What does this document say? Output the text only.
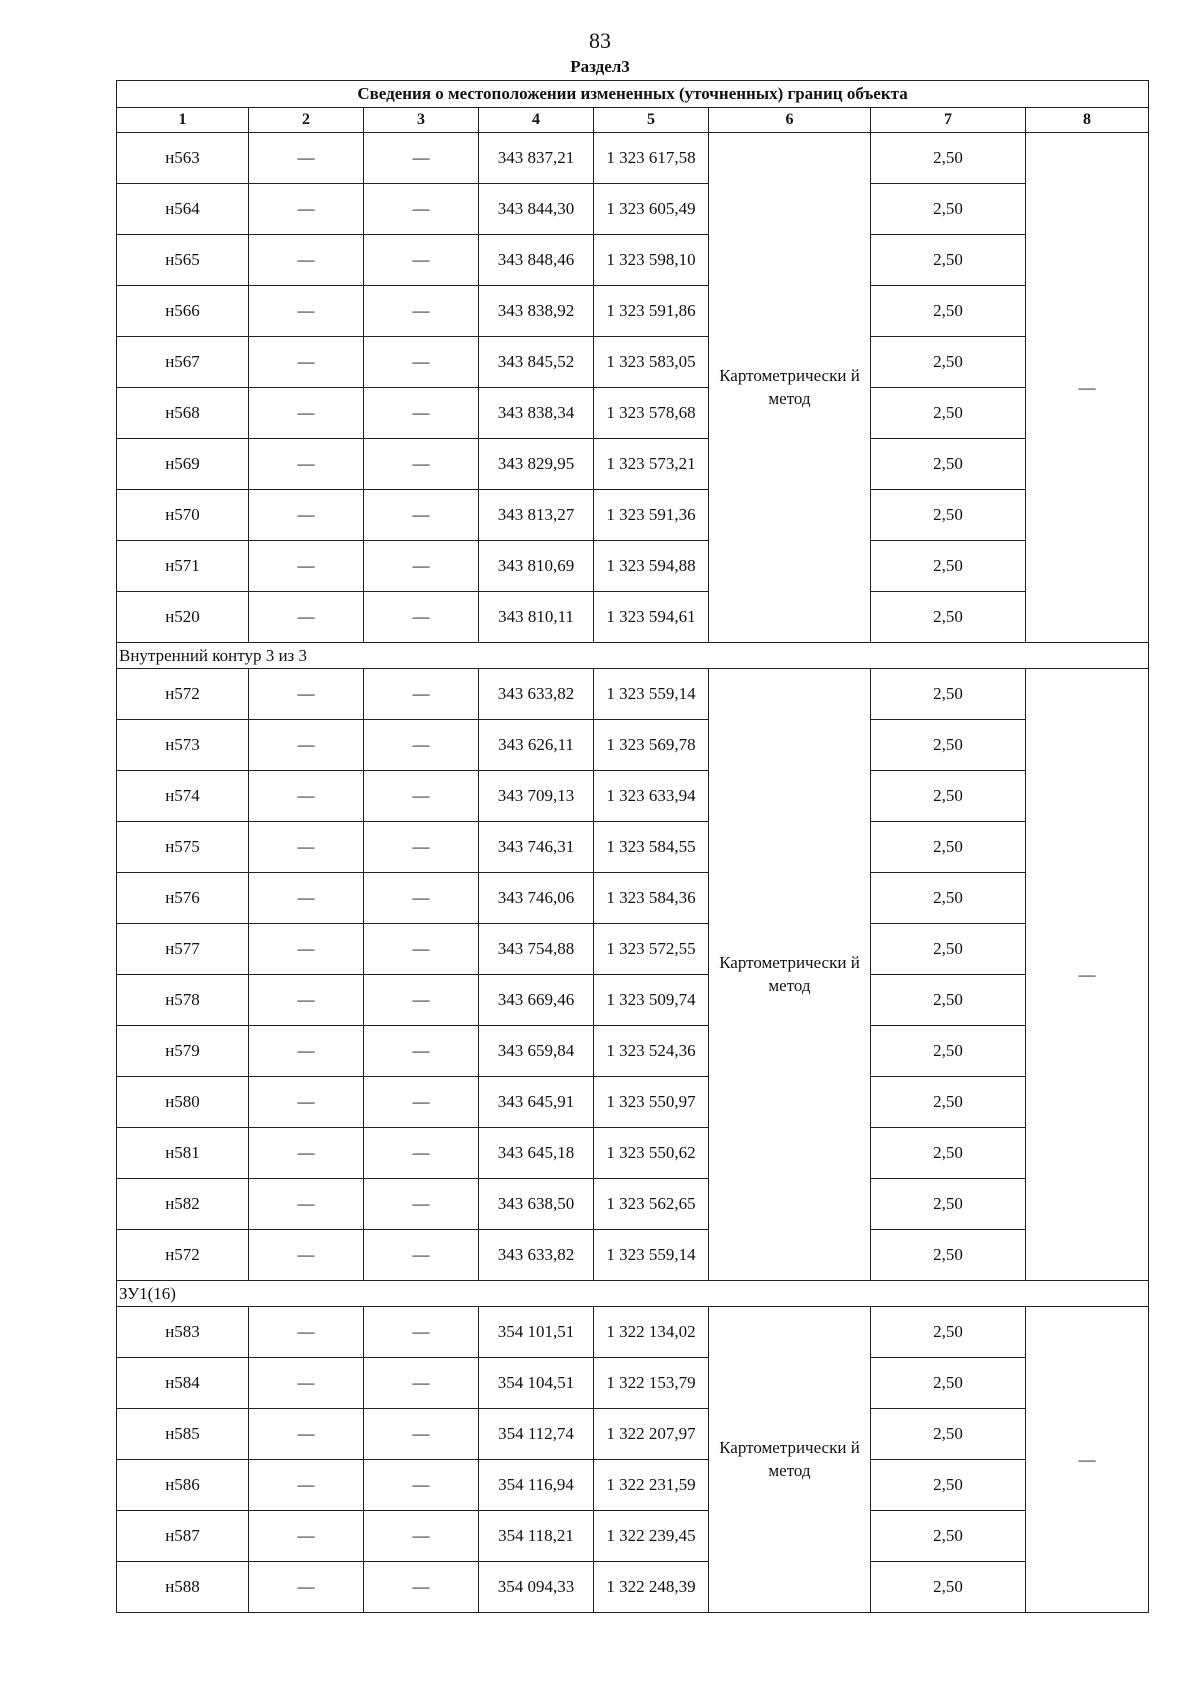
83
Раздел3
Сведения о местоположении измененных (уточненных) границ объекта							
1	2	3	4	5	6	7	8
н563	—	—	343 837,21	1 323 617,58	Картометрически й метод	2,50	—
н564	—	—	343 844,30	1 323 605,49		2,50	
н565	—	—	343 848,46	1 323 598,10		2,50	
н566	—	—	343 838,92	1 323 591,86		2,50	
н567	—	—	343 845,52	1 323 583,05		2,50	
н568	—	—	343 838,34	1 323 578,68		2,50	
н569	—	—	343 829,95	1 323 573,21		2,50	
н570	—	—	343 813,27	1 323 591,36		2,50	
н571	—	—	343 810,69	1 323 594,88		2,50	
н520	—	—	343 810,11	1 323 594,61		2,50	
Внутренний контур 3 из 3							
н572	—	—	343 633,82	1 323 559,14	Картометрически й метод	2,50	—
н573	—	—	343 626,11	1 323 569,78		2,50	
н574	—	—	343 709,13	1 323 633,94		2,50	
н575	—	—	343 746,31	1 323 584,55		2,50	
н576	—	—	343 746,06	1 323 584,36		2,50	
н577	—	—	343 754,88	1 323 572,55		2,50	
н578	—	—	343 669,46	1 323 509,74		2,50	
н579	—	—	343 659,84	1 323 524,36		2,50	
н580	—	—	343 645,91	1 323 550,97		2,50	
н581	—	—	343 645,18	1 323 550,62		2,50	
н582	—	—	343 638,50	1 323 562,65		2,50	
н572	—	—	343 633,82	1 323 559,14		2,50	
ЗУ1(16)							
н583	—	—	354 101,51	1 322 134,02	Картометрически й метод	2,50	—
н584	—	—	354 104,51	1 322 153,79		2,50	
н585	—	—	354 112,74	1 322 207,97		2,50	
н586	—	—	354 116,94	1 322 231,59		2,50	
н587	—	—	354 118,21	1 322 239,45		2,50	
н588	—	—	354 094,33	1 322 248,39		2,50	
